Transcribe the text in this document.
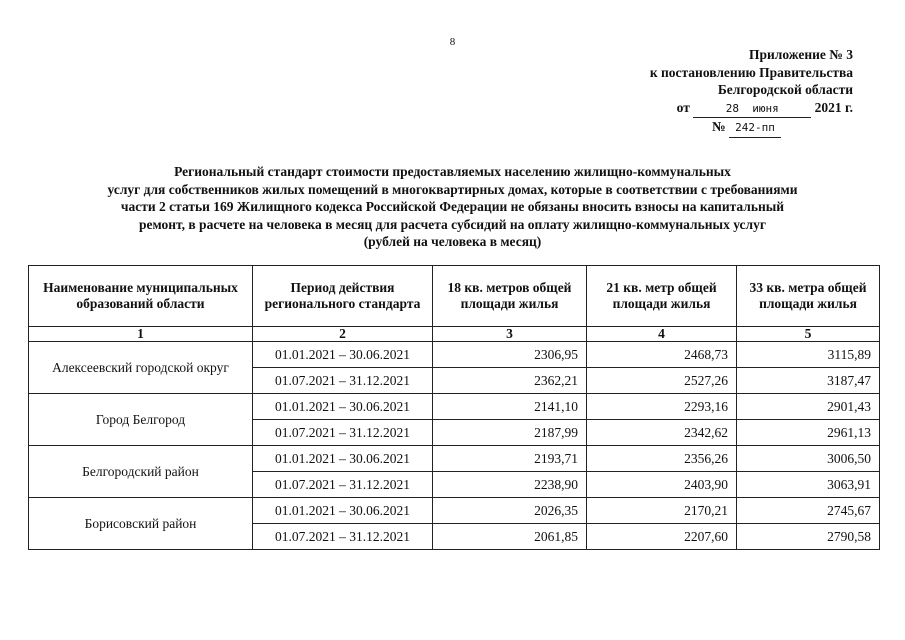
8
Приложение № 3
к постановлению Правительства
Белгородской области
от	28 июня	2021 г.
№ 242-пп
Региональный стандарт стоимости предоставляемых населению жилищно-коммунальных
услуг для собственников жилых помещений в многоквартирных домах, которые в соответствии с требованиями
части 2 статьи 169 Жилищного кодекса Российской Федерации не обязаны вносить взносы на капитальный
ремонт, в расчете на человека в месяц для расчета субсидий на оплату жилищно-коммунальных услуг
(рублей на человека в месяц)
Наименование муниципальных образований области	Период действия регионального стандарта	18 кв. метров общей площади жилья	21 кв. метр общей площади жилья	33 кв. метра общей площади жилья
1	2	3	4	5
Алексеевский городской округ	01.01.2021 – 30.06.2021	2306,95	2468,73	3115,89
	01.07.2021 – 31.12.2021	2362,21	2527,26	3187,47
Город Белгород	01.01.2021 – 30.06.2021	2141,10	2293,16	2901,43
	01.07.2021 – 31.12.2021	2187,99	2342,62	2961,13
Белгородский район	01.01.2021 – 30.06.2021	2193,71	2356,26	3006,50
	01.07.2021 – 31.12.2021	2238,90	2403,90	3063,91
Борисовский район	01.01.2021 – 30.06.2021	2026,35	2170,21	2745,67
	01.07.2021 – 31.12.2021	2061,85	2207,60	2790,58
